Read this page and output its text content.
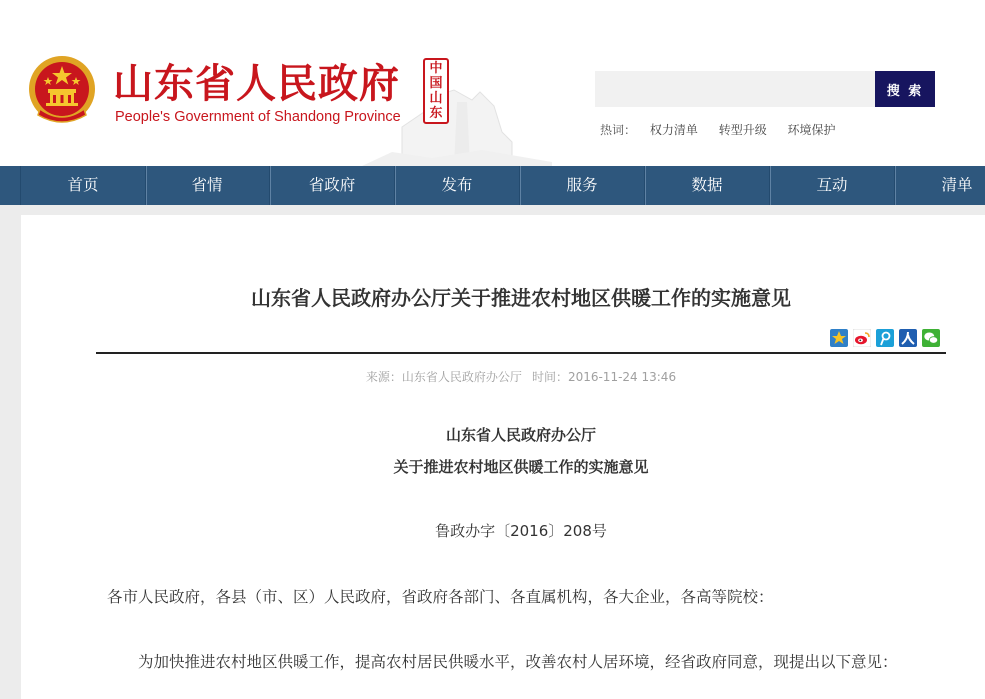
山东省人民政府
People's Government of Shandong Province
中
国
山
东
搜 索
热词： 权力清单 转型升级 环境保护
首页	省情	省政府	发布	服务	数据	互动	清单
山东省人民政府办公厅关于推进农村地区供暖工作的实施意见
来源：山东省人民政府办公厅 时间：2016-11-24 13:46
山东省人民政府办公厅
关于推进农村地区供暖工作的实施意见
鲁政办字〔2016〕208号

各市人民政府，各县（市、区）人民政府，省政府各部门、各直属机构，各大企业，各高等院校：

为加快推进农村地区供暖工作，提高农村居民供暖水平，改善农村人居环境，经省政府同意，现提出以下意见：
